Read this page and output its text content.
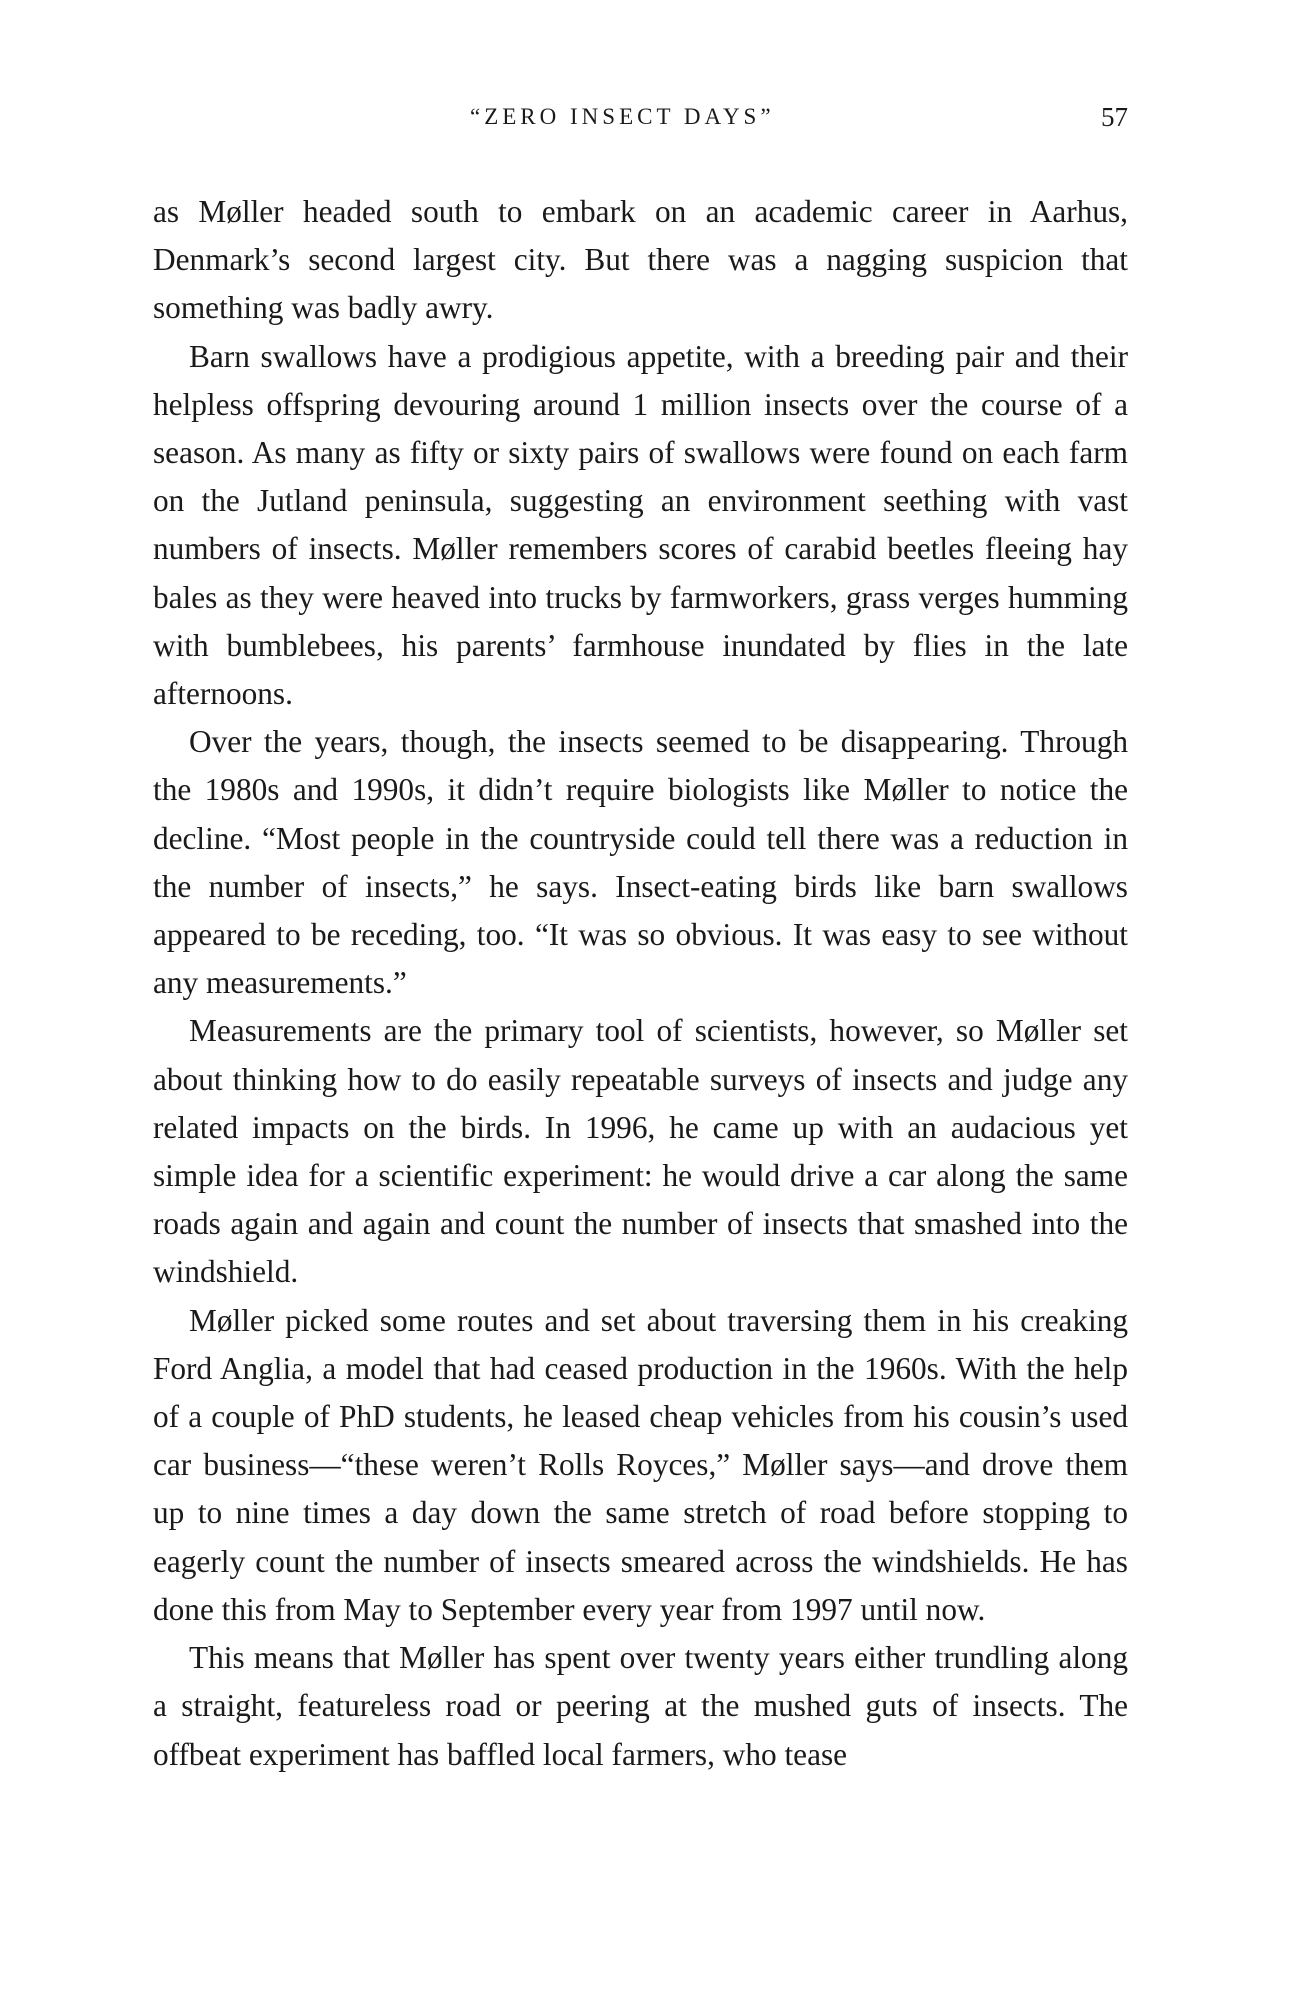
“ZERO INSECT DAYS”	57

as Møller headed south to embark on an academic career in Aarhus, Denmark’s second largest city. But there was a nagging suspicion that something was badly awry.

Barn swallows have a prodigious appetite, with a breeding pair and their helpless offspring devouring around 1 million insects over the course of a season. As many as fifty or sixty pairs of swallows were found on each farm on the Jutland peninsula, suggesting an environment seething with vast numbers of insects. Møller remembers scores of carabid beetles fleeing hay bales as they were heaved into trucks by farmworkers, grass verges humming with bumblebees, his parents’ farmhouse inundated by flies in the late afternoons.

Over the years, though, the insects seemed to be disappearing. Through the 1980s and 1990s, it didn’t require biologists like Møller to notice the decline. “Most people in the countryside could tell there was a reduction in the number of insects,” he says. Insect-eating birds like barn swallows appeared to be receding, too. “It was so obvious. It was easy to see without any measurements.”

Measurements are the primary tool of scientists, however, so Møller set about thinking how to do easily repeatable surveys of insects and judge any related impacts on the birds. In 1996, he came up with an audacious yet simple idea for a scientific experiment: he would drive a car along the same roads again and again and count the number of insects that smashed into the windshield.

Møller picked some routes and set about traversing them in his creaking Ford Anglia, a model that had ceased production in the 1960s. With the help of a couple of PhD students, he leased cheap vehicles from his cousin’s used car business—“these weren’t Rolls Royces,” Møller says—and drove them up to nine times a day down the same stretch of road before stopping to eagerly count the number of insects smeared across the windshields. He has done this from May to September every year from 1997 until now.

This means that Møller has spent over twenty years either trundling along a straight, featureless road or peering at the mushed guts of insects. The offbeat experiment has baffled local farmers, who tease
